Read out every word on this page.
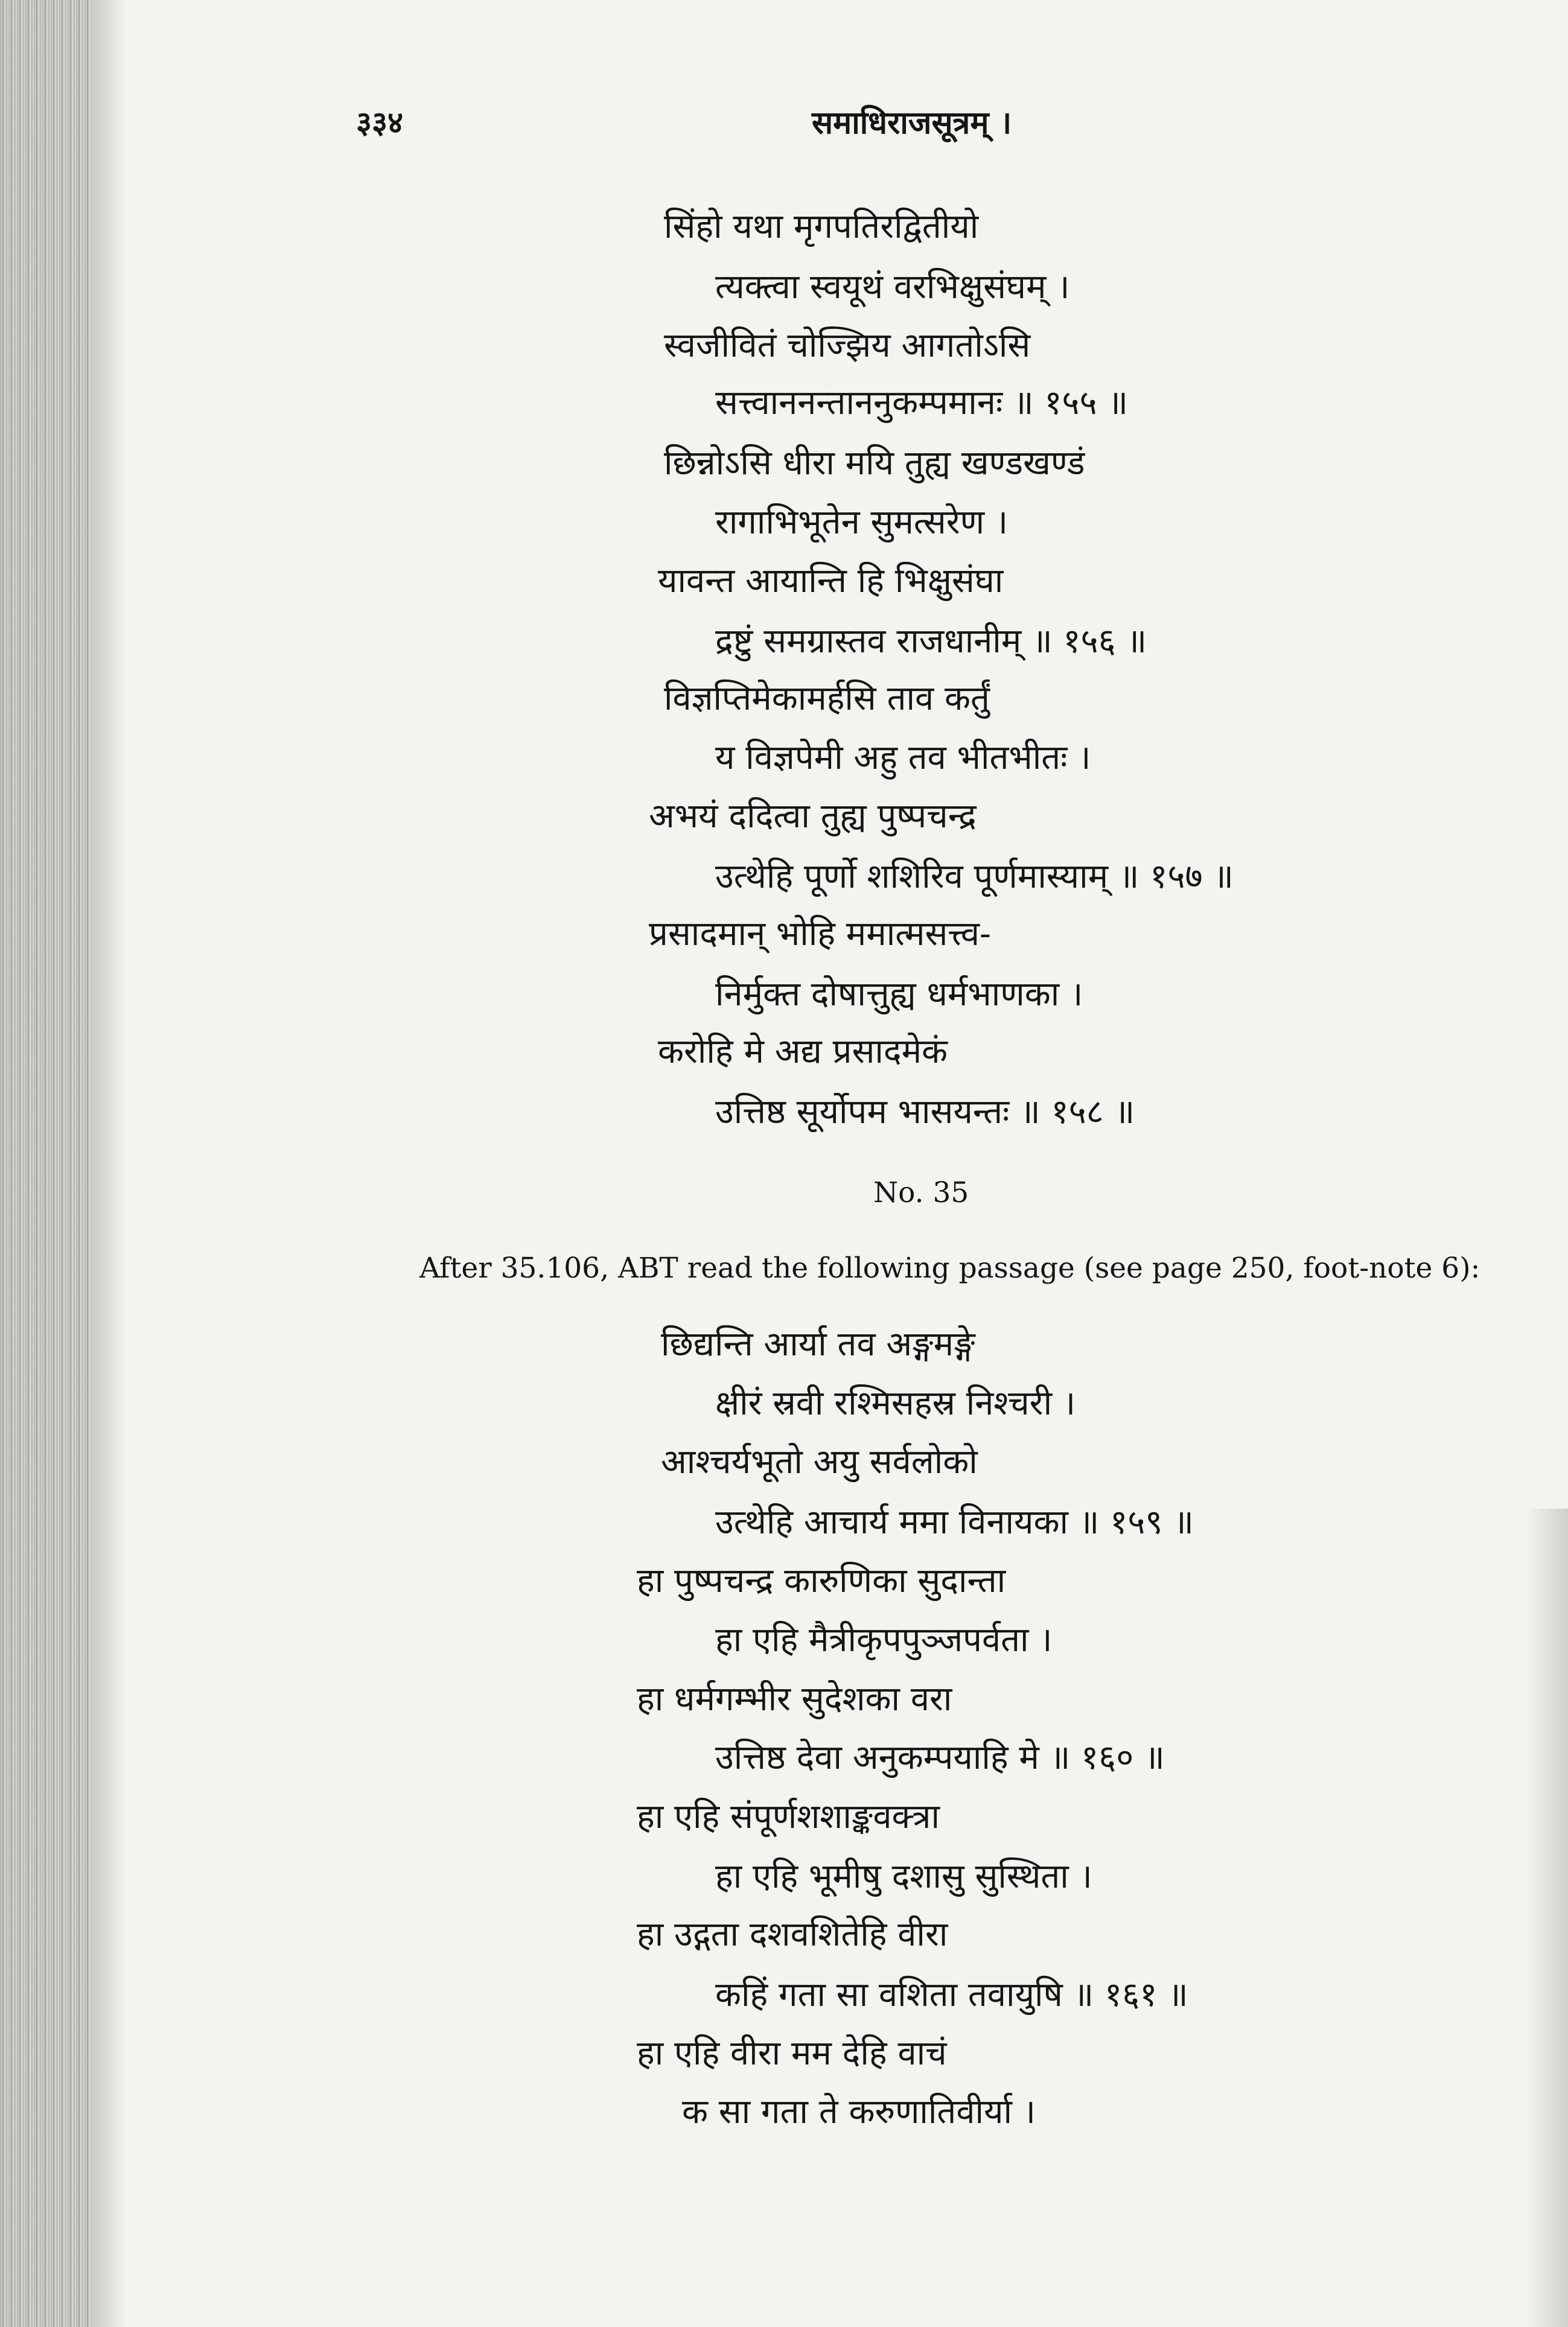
३३४	समाधिराजसूत्रम् ।
सिंहो यथा मृगपतिरद्वितीयो
त्यक्त्वा स्वयूथं वरभिक्षुसंघम् ।
स्वजीवितं चोज्झिय आगतोऽसि
सत्त्वाननन्ताननुकम्पमानः ॥ १५५ ॥
छिन्नोऽसि धीरा मयि तुह्य खण्डखण्डं
रागाभिभूतेन सुमत्सरेण ।
यावन्त आयान्ति हि भिक्षुसंघा
द्रष्टुं समग्रास्तव राजधानीम् ॥ १५६ ॥
विज्ञप्तिमेकामर्हसि ताव कर्तुं
य विज्ञपेमी अहु तव भीतभीतः ।
अभयं ददित्वा तुह्य पुष्पचन्द्र
उत्थेहि पूर्णो शशिरिव पूर्णमास्याम् ॥ १५७ ॥
प्रसादमान् भोहि ममात्मसत्त्व-
निर्मुक्त दोषात्तुह्य धर्मभाणका ।
करोहि मे अद्य प्रसादमेकं
उत्तिष्ठ सूर्योपम भासयन्तः ॥ १५८ ॥
No. 35
After 35.106, ABT read the following passage (see page 250, foot-note 6):
छिद्यन्ति आर्या तव अङ्गमङ्गे
क्षीरं स्रवी रश्मिसहस्र निश्चरी ।
आश्चर्यभूतो अयु सर्वलोको
उत्थेहि आचार्य ममा विनायका ॥ १५९ ॥
हा पुष्पचन्द्र कारुणिका सुदान्ता
हा एहि मैत्रीकृपपुञ्जपर्वता ।
हा धर्मगम्भीर सुदेशका वरा
उत्तिष्ठ देवा अनुकम्पयाहि मे ॥ १६० ॥
हा एहि संपूर्णशशाङ्कवक्त्रा
हा एहि भूमीषु दशासु सुस्थिता ।
हा उद्गता दशवशितेहि वीरा
कहिं गता सा वशिता तवायुषि ॥ १६१ ॥
हा एहि वीरा मम देहि वाचं
क सा गता ते करुणातिवीर्या ।
